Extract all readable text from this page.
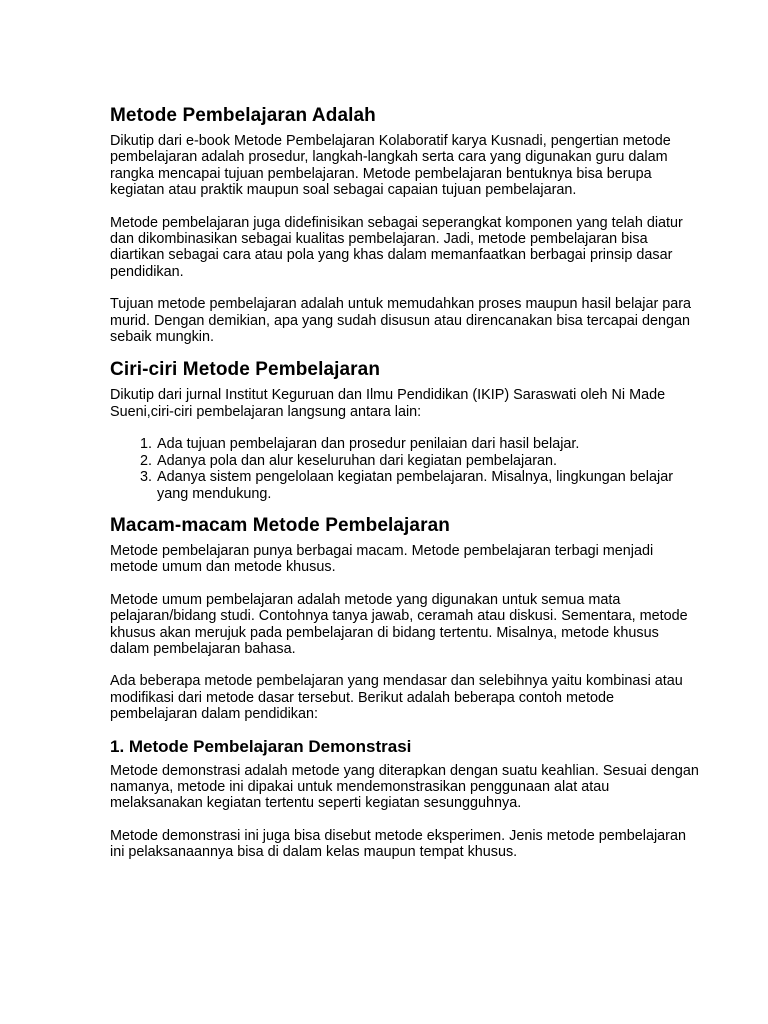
Metode Pembelajaran Adalah

Dikutip dari e-book Metode Pembelajaran Kolaboratif karya Kusnadi, pengertian metode pembelajaran adalah prosedur, langkah-langkah serta cara yang digunakan guru dalam rangka mencapai tujuan pembelajaran. Metode pembelajaran bentuknya bisa berupa kegiatan atau praktik maupun soal sebagai capaian tujuan pembelajaran.

Metode pembelajaran juga didefinisikan sebagai seperangkat komponen yang telah diatur dan dikombinasikan sebagai kualitas pembelajaran. Jadi, metode pembelajaran bisa diartikan sebagai cara atau pola yang khas dalam memanfaatkan berbagai prinsip dasar pendidikan.

Tujuan metode pembelajaran adalah untuk memudahkan proses maupun hasil belajar para murid. Dengan demikian, apa yang sudah disusun atau direncanakan bisa tercapai dengan sebaik mungkin.

Ciri-ciri Metode Pembelajaran

Dikutip dari jurnal Institut Keguruan dan Ilmu Pendidikan (IKIP) Saraswati oleh Ni Made Sueni,ciri-ciri pembelajaran langsung antara lain:

1. Ada tujuan pembelajaran dan prosedur penilaian dari hasil belajar.
2. Adanya pola dan alur keseluruhan dari kegiatan pembelajaran.
3. Adanya sistem pengelolaan kegiatan pembelajaran. Misalnya, lingkungan belajar yang mendukung.
Macam-macam Metode Pembelajaran

Metode pembelajaran punya berbagai macam. Metode pembelajaran terbagi menjadi metode umum dan metode khusus.

Metode umum pembelajaran adalah metode yang digunakan untuk semua mata pelajaran/bidang studi. Contohnya tanya jawab, ceramah atau diskusi. Sementara, metode khusus akan merujuk pada pembelajaran di bidang tertentu. Misalnya, metode khusus dalam pembelajaran bahasa.

Ada beberapa metode pembelajaran yang mendasar dan selebihnya yaitu kombinasi atau modifikasi dari metode dasar tersebut. Berikut adalah beberapa contoh metode pembelajaran dalam pendidikan:

1. Metode Pembelajaran Demonstrasi

Metode demonstrasi adalah metode yang diterapkan dengan suatu keahlian. Sesuai dengan namanya, metode ini dipakai untuk mendemonstrasikan penggunaan alat atau melaksanakan kegiatan tertentu seperti kegiatan sesungguhnya.

Metode demonstrasi ini juga bisa disebut metode eksperimen. Jenis metode pembelajaran ini pelaksanaannya bisa di dalam kelas maupun tempat khusus.
